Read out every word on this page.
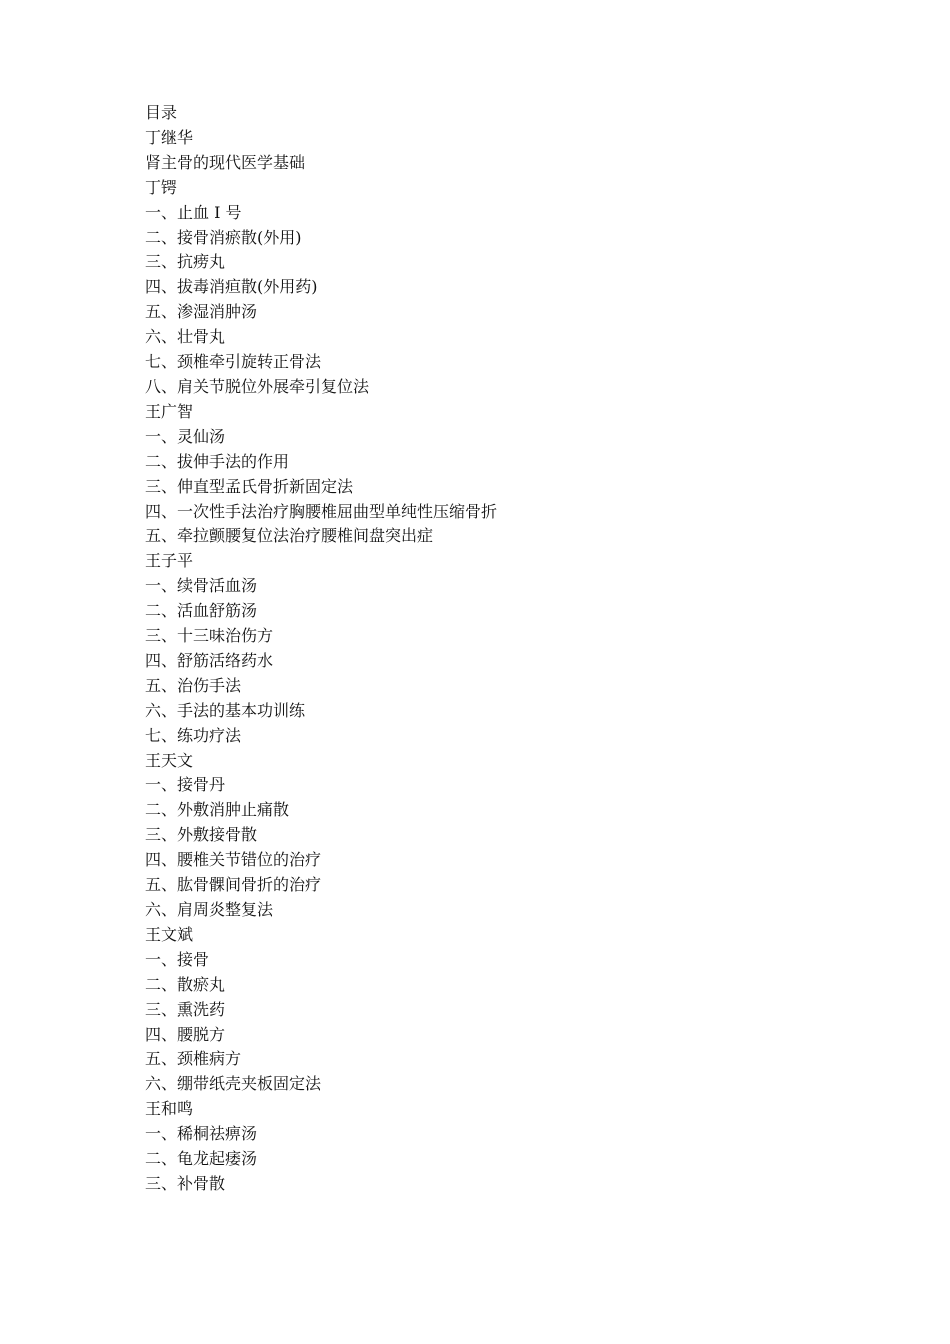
目录
丁继华
肾主骨的现代医学基础
丁锷
一、止血 I 号
二、接骨消瘀散(外用)
三、抗痨丸
四、拔毒消疸散(外用药)
五、渗湿消肿汤
六、壮骨丸
七、颈椎牵引旋转正骨法
八、肩关节脱位外展牵引复位法
王广智
一、灵仙汤
二、拔伸手法的作用
三、伸直型孟氏骨折新固定法
四、一次性手法治疗胸腰椎屈曲型单纯性压缩骨折
五、牵拉颤腰复位法治疗腰椎间盘突出症
王子平
一、续骨活血汤
二、活血舒筋汤
三、十三味治伤方
四、舒筋活络药水
五、治伤手法
六、手法的基本功训练
七、练功疗法
王天文
一、接骨丹
二、外敷消肿止痛散
三、外敷接骨散
四、腰椎关节错位的治疗
五、肱骨髁间骨折的治疗
六、肩周炎整复法
王文斌
一、接骨
二、散瘀丸
三、熏洗药
四、腰脱方
五、颈椎病方
六、绷带纸壳夹板固定法
王和鸣
一、稀桐祛痹汤
二、龟龙起痿汤
三、补骨散
